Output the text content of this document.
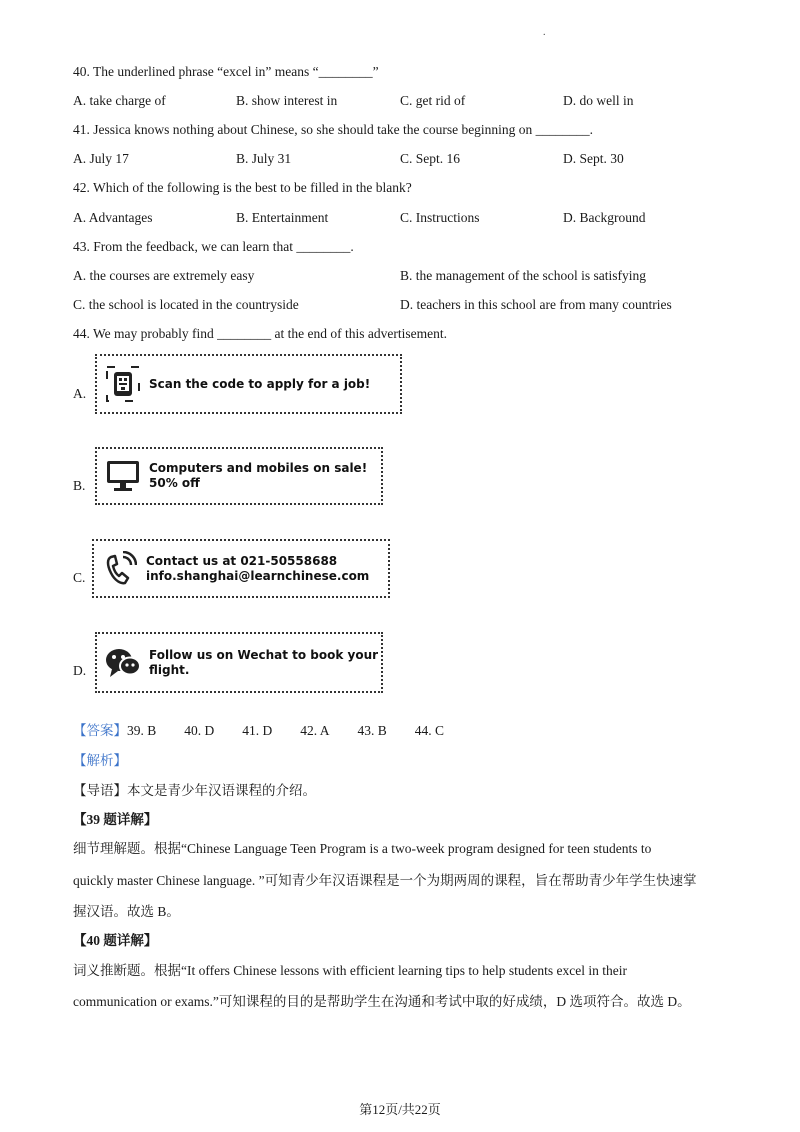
.
40. The underlined phrase “excel in” means “________”
A. take charge of	B. show interest in	C. get rid of	D. do well in
41. Jessica knows nothing about Chinese, so she should take the course beginning on ________.
A. July 17	B. July 31	C. Sept. 16	D. Sept. 30
42. Which of the following is the best to be filled in the blank?
A. Advantages	B. Entertainment	C. Instructions	D. Background
43. From the feedback, we can learn that ________.
A. the courses are extremely easy	B. the management of the school is satisfying
C. the school is located in the countryside	D. teachers in this school are from many countries
44. We may probably find ________ at the end of this advertisement.
A.
Scan the code to apply for a job!
B.
Computers and mobiles on sale!
50% off
C.
Contact us at 021-50558688
info.shanghai@learnchinese.com
D.
Follow us on Wechat to book your
flight.
【答案】39. B 40. D 41. D 42. A 43. B 44. C
【解析】
【导语】本文是青少年汉语课程的介绍。
【39 题详解】
细节理解题。根据“Chinese Language Teen Program is a two-week program designed for teen students to
quickly master Chinese language. ”可知青少年汉语课程是一个为期两周的课程，旨在帮助青少年学生快速掌
握汉语。故选 B。
【40 题详解】
词义推断题。根据“It offers Chinese lessons with efficient learning tips to help students excel in their
communication or exams.”可知课程的目的是帮助学生在沟通和考试中取的好成绩，D 选项符合。故选 D。
第12页/共22页
